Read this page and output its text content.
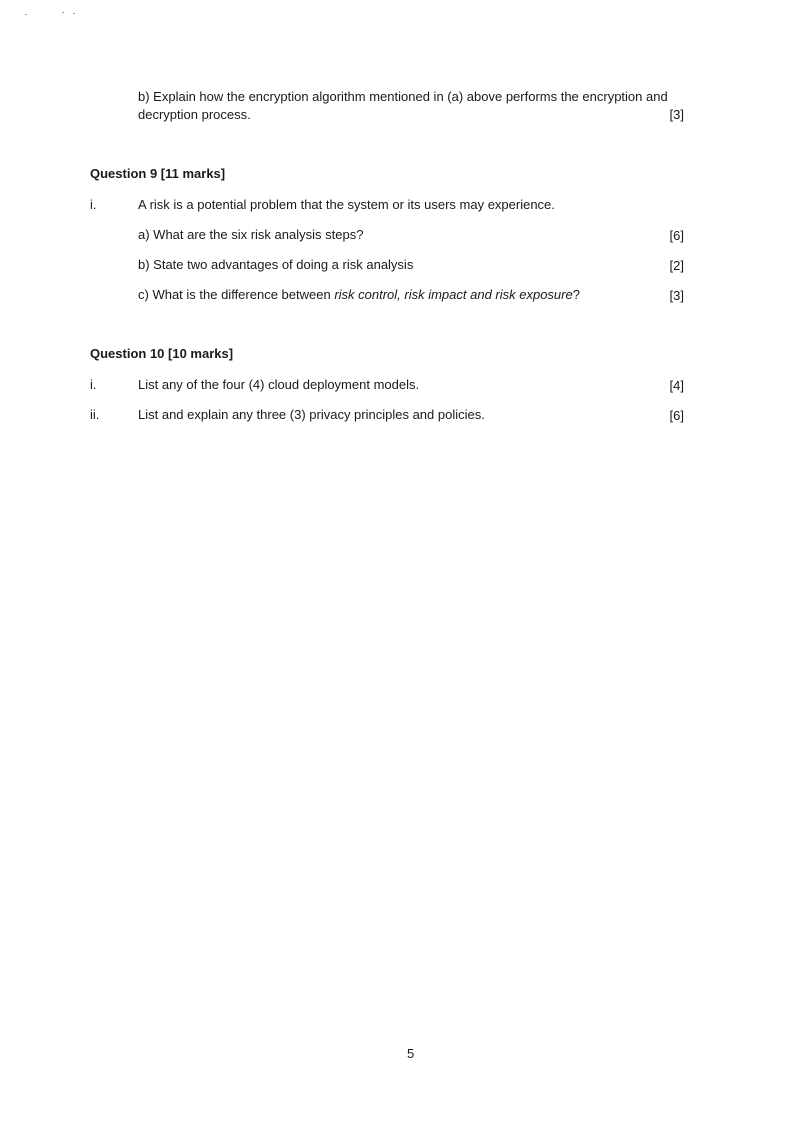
b) Explain how the encryption algorithm mentioned in (a) above performs the encryption and
decryption process.	[3]
Question 9 [11 marks]
i.	A risk is a potential problem that the system or its users may experience.
a) What are the six risk analysis steps?	[6]
b) State two advantages of doing a risk analysis	[2]
c) What is the difference between risk control, risk impact and risk exposure?	[3]
Question 10 [10 marks]
i.	List any of the four (4) cloud deployment models.	[4]
ii.	List and explain any three (3) privacy principles and policies.	[6]
5
